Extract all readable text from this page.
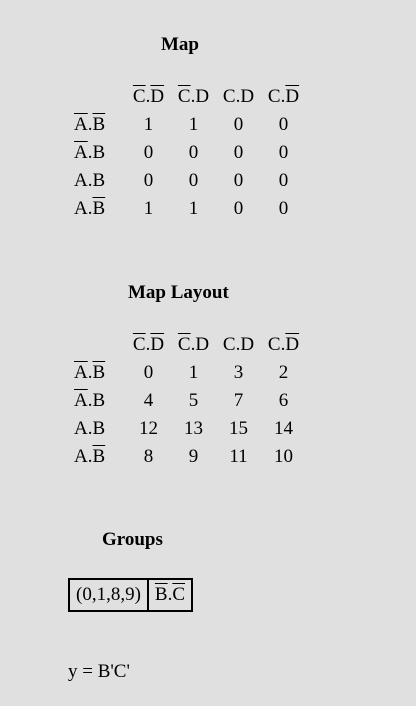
Map
	$\overline{C}.\overline{D}$	$\overline{C}.D$	C.D	$C.\overline{D}$
$\overline{A}.\overline{B}$	1	1	0	0
$\overline{A}.B$	0	0	0	0
A.B	0	0	0	0
$A.\overline{B}$	1	1	0	0
Map Layout
	$\overline{C}.\overline{D}$	$\overline{C}.D$	C.D	$C.\overline{D}$
$\overline{A}.\overline{B}$	0	1	3	2
$\overline{A}.B$	4	5	7	6
A.B	12	13	15	14
$A.\overline{B}$	8	9	11	10
Groups
(0,1,8,9)	$\overline{B}.\overline{C}$
y = B'C'
